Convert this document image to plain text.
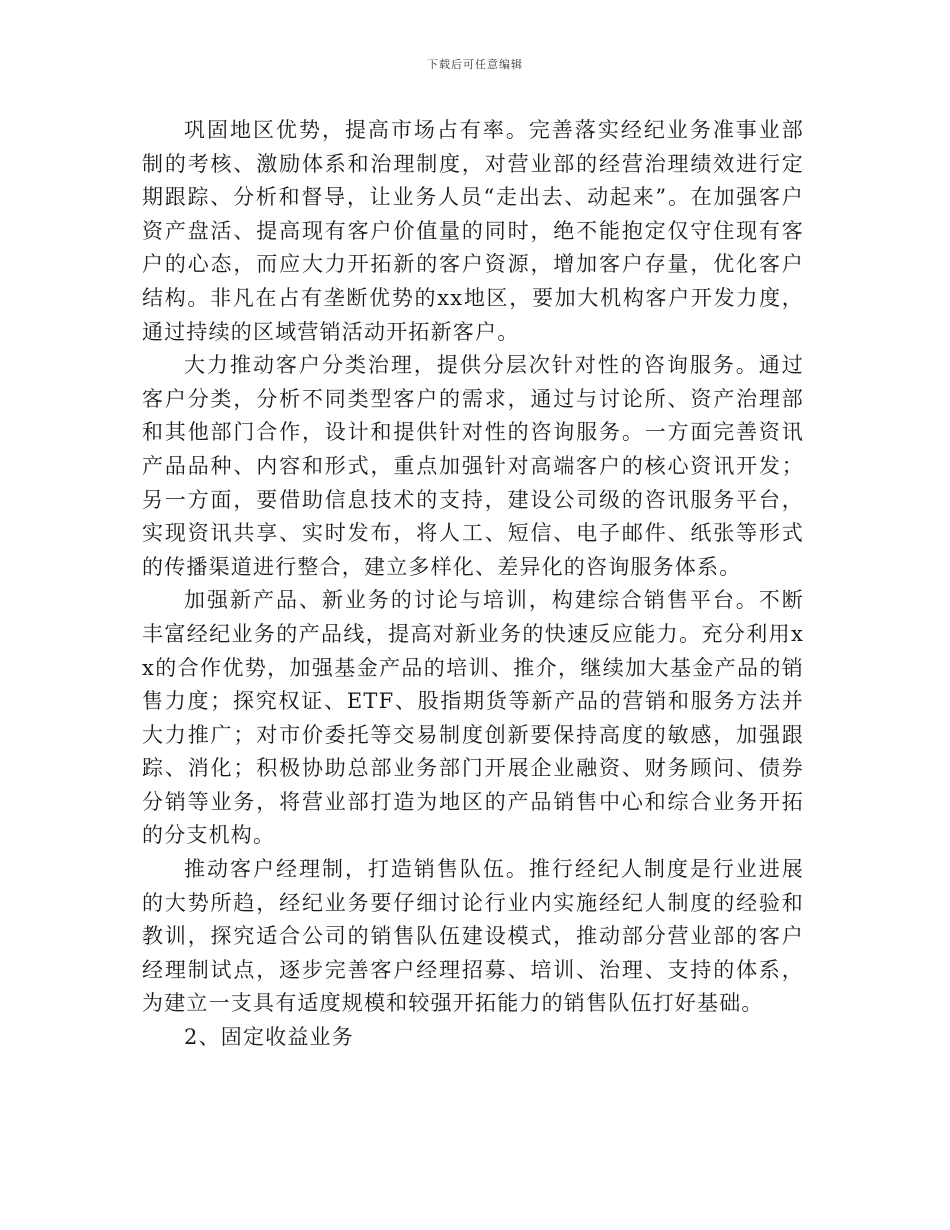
下载后可任意编辑

巩固地区优势，提高市场占有率。完善落实经纪业务准事业部制的考核、激励体系和治理制度，对营业部的经营治理绩效进行定期跟踪、分析和督导，让业务人员“走出去、动起来”。在加强客户资产盘活、提高现有客户价值量的同时，绝不能抱定仅守住现有客户的心态，而应大力开拓新的客户资源，增加客户存量，优化客户结构。非凡在占有垄断优势的xx地区，要加大机构客户开发力度，通过持续的区域营销活动开拓新客户。

大力推动客户分类治理，提供分层次针对性的咨询服务。通过客户分类，分析不同类型客户的需求，通过与讨论所、资产治理部和其他部门合作，设计和提供针对性的咨询服务。一方面完善资讯产品品种、内容和形式，重点加强针对高端客户的核心资讯开发；另一方面，要借助信息技术的支持，建设公司级的咨讯服务平台，实现资讯共享、实时发布，将人工、短信、电子邮件、纸张等形式的传播渠道进行整合，建立多样化、差异化的咨询服务体系。

加强新产品、新业务的讨论与培训，构建综合销售平台。不断丰富经纪业务的产品线，提高对新业务的快速反应能力。充分利用xx的合作优势，加强基金产品的培训、推介，继续加大基金产品的销售力度；探究权证、ETF、股指期货等新产品的营销和服务方法并大力推广；对市价委托等交易制度创新要保持高度的敏感，加强跟踪、消化；积极协助总部业务部门开展企业融资、财务顾问、债券分销等业务，将营业部打造为地区的产品销售中心和综合业务开拓的分支机构。

推动客户经理制，打造销售队伍。推行经纪人制度是行业进展的大势所趋，经纪业务要仔细讨论行业内实施经纪人制度的经验和教训，探究适合公司的销售队伍建设模式，推动部分营业部的客户经理制试点，逐步完善客户经理招募、培训、治理、支持的体系，为建立一支具有适度规模和较强开拓能力的销售队伍打好基础。

2、固定收益业务
